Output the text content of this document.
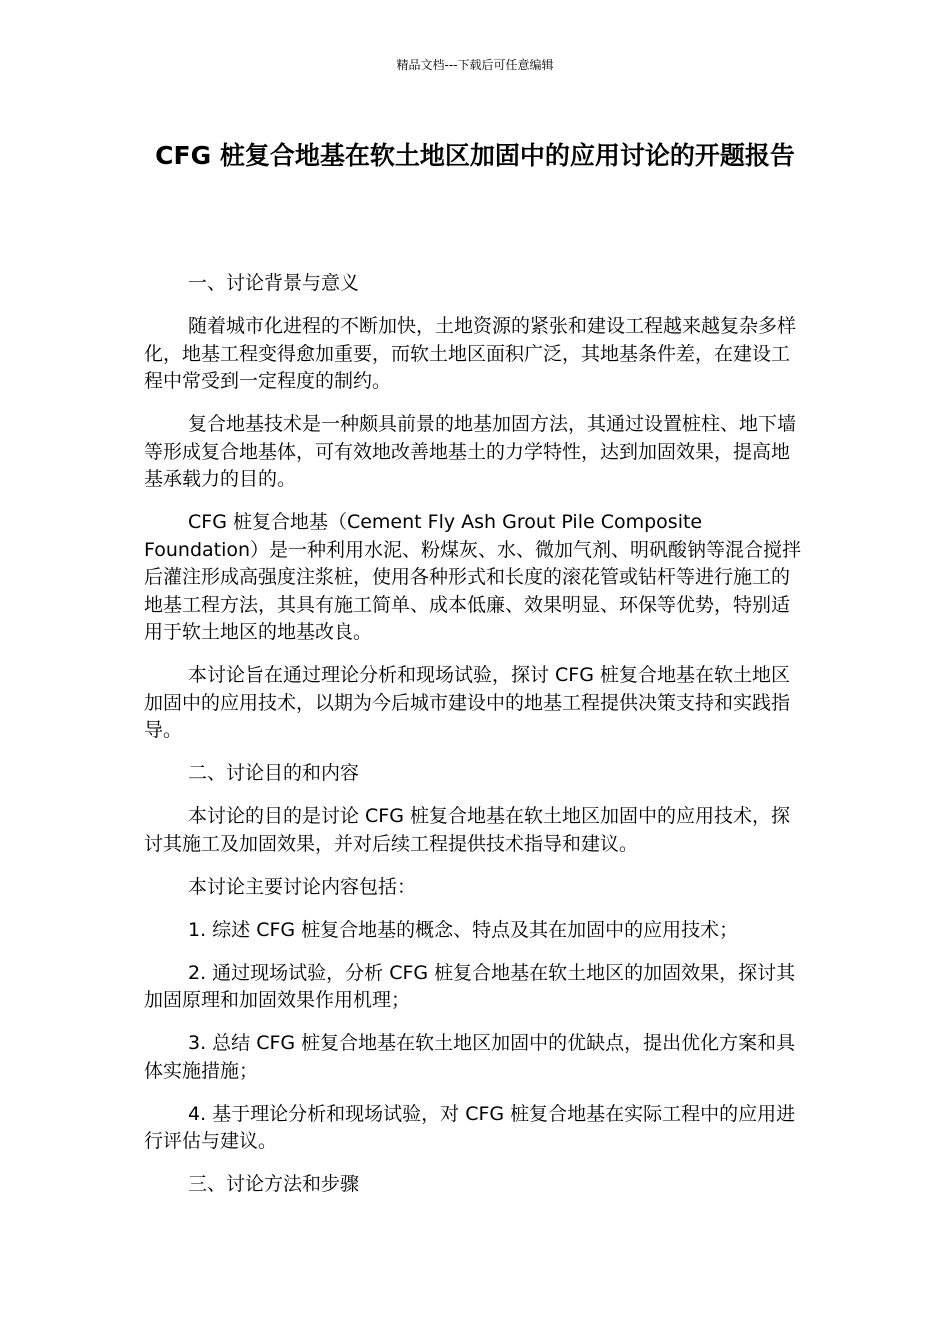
精品文档---下载后可任意编辑
CFG 桩复合地基在软土地区加固中的应用讨论的开题报告

一、讨论背景与意义

随着城市化进程的不断加快，土地资源的紧张和建设工程越来越复杂多样化，地基工程变得愈加重要，而软土地区面积广泛，其地基条件差，在建设工程中常受到一定程度的制约。

复合地基技术是一种颇具前景的地基加固方法，其通过设置桩柱、地下墙等形成复合地基体，可有效地改善地基土的力学特性，达到加固效果，提高地基承载力的目的。

CFG 桩复合地基（Cement Fly Ash Grout Pile Composite Foundation）是一种利用水泥、粉煤灰、水、微加气剂、明矾酸钠等混合搅拌后灌注形成高强度注浆桩，使用各种形式和长度的滚花管或钻杆等进行施工的地基工程方法，其具有施工简单、成本低廉、效果明显、环保等优势，特别适用于软土地区的地基改良。

本讨论旨在通过理论分析和现场试验，探讨 CFG 桩复合地基在软土地区加固中的应用技术，以期为今后城市建设中的地基工程提供决策支持和实践指导。

二、讨论目的和内容

本讨论的目的是讨论 CFG 桩复合地基在软土地区加固中的应用技术，探讨其施工及加固效果，并对后续工程提供技术指导和建议。

本讨论主要讨论内容包括：

1. 综述 CFG 桩复合地基的概念、特点及其在加固中的应用技术；

2. 通过现场试验，分析 CFG 桩复合地基在软土地区的加固效果，探讨其加固原理和加固效果作用机理；

3. 总结 CFG 桩复合地基在软土地区加固中的优缺点，提出优化方案和具体实施措施；

4. 基于理论分析和现场试验，对 CFG 桩复合地基在实际工程中的应用进行评估与建议。

三、讨论方法和步骤
